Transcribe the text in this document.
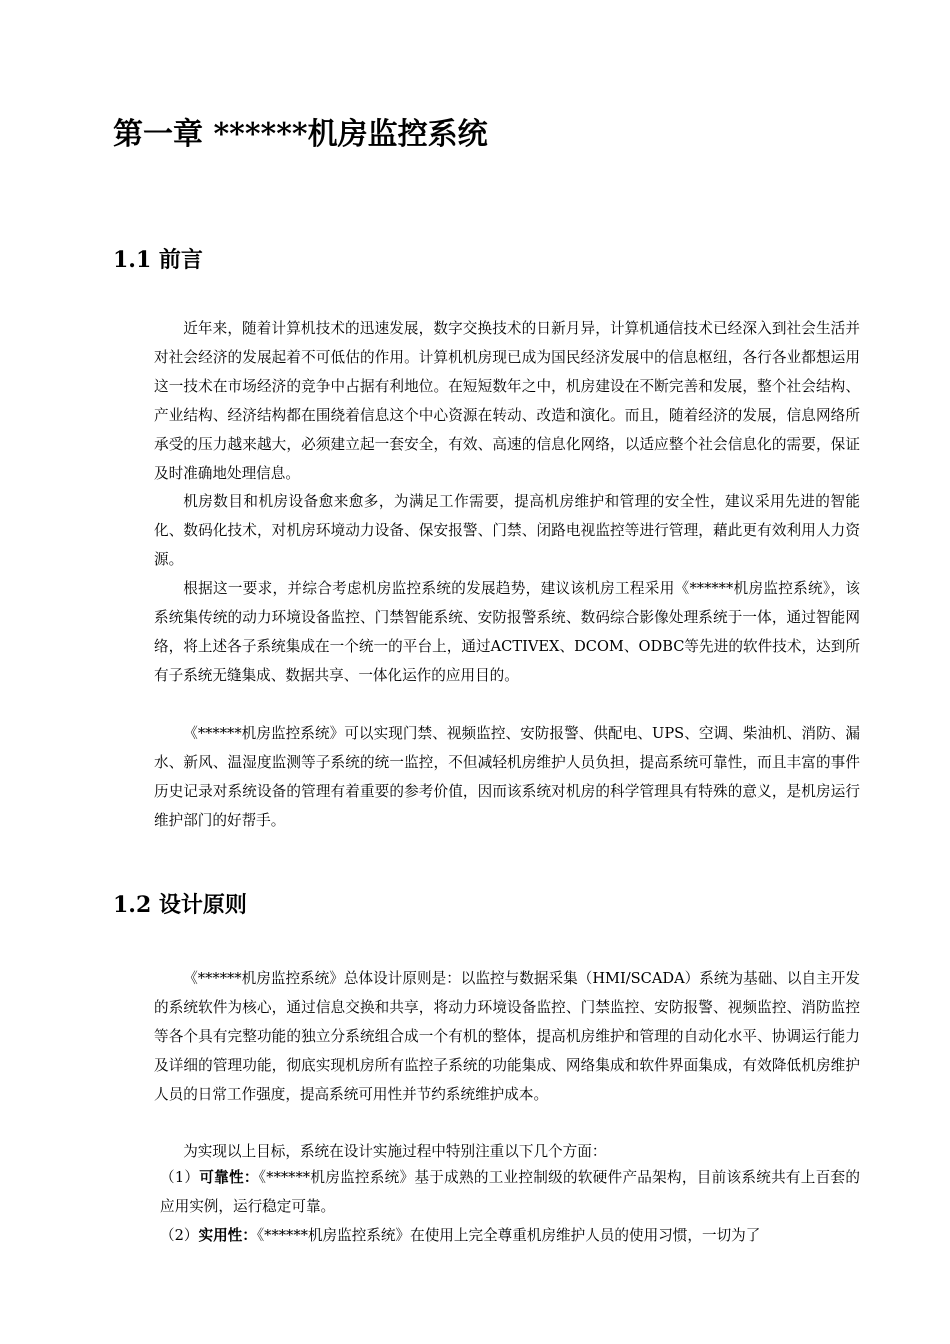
第一章 ******机房监控系统
1.1 前言

近年来，随着计算机技术的迅速发展，数字交换技术的日新月异，计算机通信技术已经深入到社会生活并对社会经济的发展起着不可低估的作用。计算机机房现已成为国民经济发展中的信息枢纽，各行各业都想运用这一技术在市场经济的竞争中占据有利地位。在短短数年之中，机房建设在不断完善和发展，整个社会结构、产业结构、经济结构都在围绕着信息这个中心资源在转动、改造和演化。而且，随着经济的发展，信息网络所承受的压力越来越大，必须建立起一套安全，有效、高速的信息化网络，以适应整个社会信息化的需要，保证及时准确地处理信息。

机房数目和机房设备愈来愈多，为满足工作需要，提高机房维护和管理的安全性，建议采用先进的智能化、数码化技术，对机房环境动力设备、保安报警、门禁、闭路电视监控等进行管理，藉此更有效利用人力资源。

根据这一要求，并综合考虑机房监控系统的发展趋势，建议该机房工程采用《******机房监控系统》，该系统集传统的动力环境设备监控、门禁智能系统、安防报警系统、数码综合影像处理系统于一体，通过智能网络，将上述各子系统集成在一个统一的平台上，通过ACTIVEX、DCOM、ODBC等先进的软件技术，达到所有子系统无缝集成、数据共享、一体化运作的应用目的。

《******机房监控系统》可以实现门禁、视频监控、安防报警、供配电、UPS、空调、柴油机、消防、漏水、新风、温湿度监测等子系统的统一监控，不但减轻机房维护人员负担，提高系统可靠性，而且丰富的事件历史记录对系统设备的管理有着重要的参考价值，因而该系统对机房的科学管理具有特殊的意义，是机房运行维护部门的好帮手。

1.2 设计原则

《******机房监控系统》总体设计原则是：以监控与数据采集（HMI/SCADA）系统为基础、以自主开发的系统软件为核心，通过信息交换和共享，将动力环境设备监控、门禁监控、安防报警、视频监控、消防监控等各个具有完整功能的独立分系统组合成一个有机的整体，提高机房维护和管理的自动化水平、协调运行能力及详细的管理功能，彻底实现机房所有监控子系统的功能集成、网络集成和软件界面集成，有效降低机房维护人员的日常工作强度，提高系统可用性并节约系统维护成本。

为实现以上目标，系统在设计实施过程中特别注重以下几个方面：

（1）可靠性：《******机房监控系统》基于成熟的工业控制级的软硬件产品架构，目前该系统共有上百套的应用实例，运行稳定可靠。

（2）实用性：《******机房监控系统》在使用上完全尊重机房维护人员的使用习惯，一切为了
